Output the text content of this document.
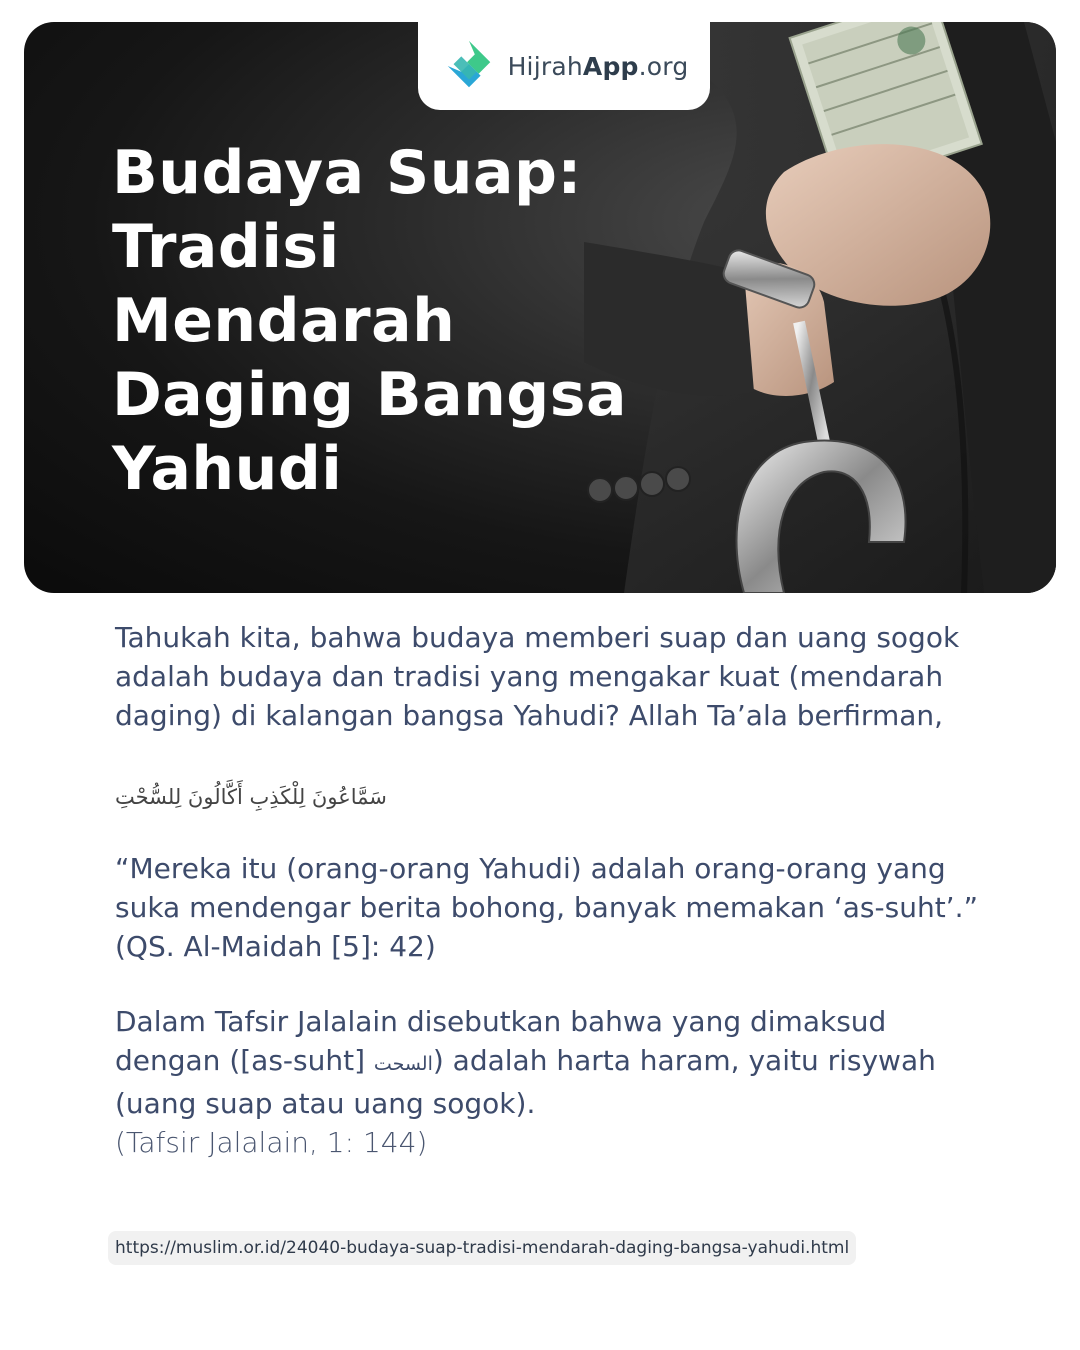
HijrahApp.org
Budaya Suap: Tradisi Mendarah Daging Bangsa Yahudi

Tahukah kita, bahwa budaya memberi suap dan uang sogok adalah budaya dan tradisi yang mengakar kuat (mendarah daging) di kalangan bangsa Yahudi? Allah Ta’ala berfirman,

سَمَّاعُونَ لِلْكَذِبِ أَكَّالُونَ لِلسُّحْتِ

“Mereka itu (orang-orang Yahudi) adalah orang-orang yang suka mendengar berita bohong, banyak memakan ‘as-suht’.” (QS. Al-Maidah [5]: 42)

Dalam Tafsir Jalalain disebutkan bahwa yang dimaksud dengan ([as-suht] السحت) adalah harta haram, yaitu risywah (uang suap atau uang sogok).

(Tafsir Jalalain, 1: 144)

https://muslim.or.id/24040-budaya-suap-tradisi-mendarah-daging-bangsa-yahudi.html
